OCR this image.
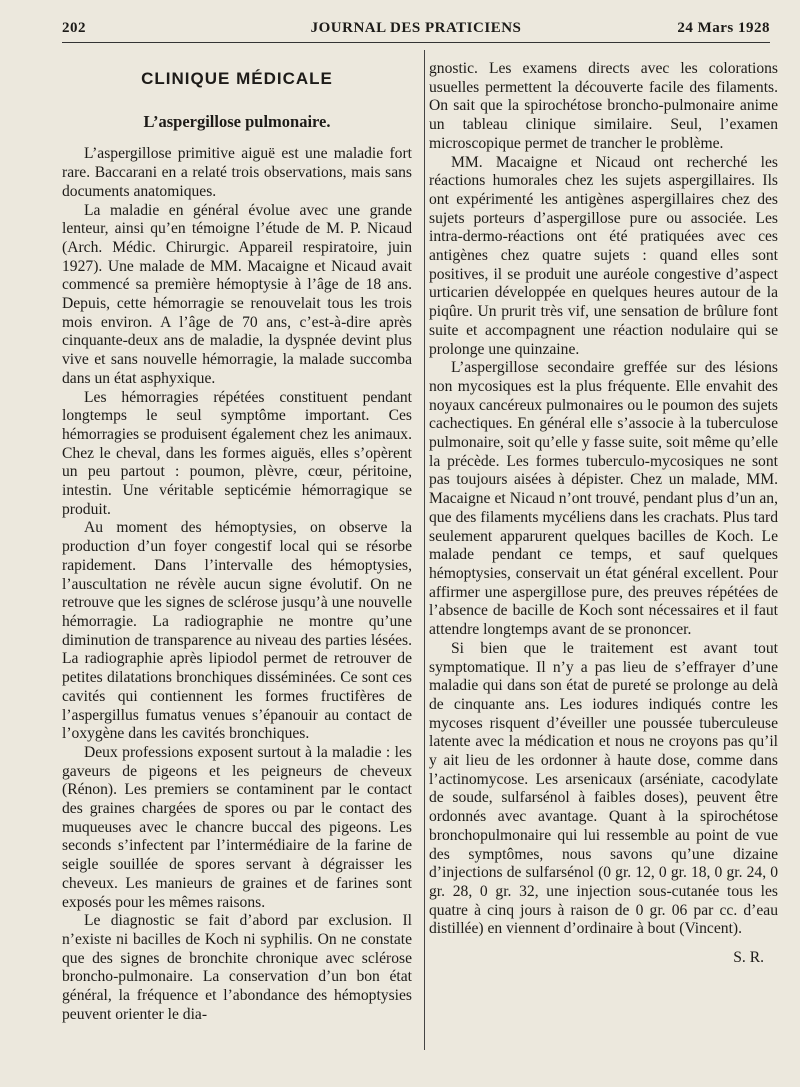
202	JOURNAL DES PRATICIENS	24 Mars 1928
CLINIQUE MÉDICALE
L’aspergillose pulmonaire.

L’aspergillose primitive aiguë est une maladie fort rare. Baccarani en a relaté trois observations, mais sans documents anatomiques.

La maladie en général évolue avec une grande lenteur, ainsi qu’en témoigne l’étude de M. P. Nicaud (Arch. Médic. Chirurgic. Appareil respiratoire, juin 1927). Une malade de MM. Macaigne et Nicaud avait commencé sa première hémoptysie à l’âge de 18 ans. Depuis, cette hémorragie se renouvelait tous les trois mois environ. A l’âge de 70 ans, c’est-à-dire après cinquante-deux ans de maladie, la dyspnée devint plus vive et sans nouvelle hémorragie, la malade succomba dans un état asphyxique.

Les hémorragies répétées constituent pendant longtemps le seul symptôme important. Ces hémorragies se produisent également chez les animaux. Chez le cheval, dans les formes aiguës, elles s’opèrent un peu partout : poumon, plèvre, cœur, péritoine, intestin. Une véritable septicémie hémorragique se produit.

Au moment des hémoptysies, on observe la production d’un foyer congestif local qui se résorbe rapidement. Dans l’intervalle des hémoptysies, l’auscultation ne révèle aucun signe évolutif. On ne retrouve que les signes de sclérose jusqu’à une nouvelle hémorragie. La radiographie ne montre qu’une diminution de transparence au niveau des parties lésées. La radiographie après lipiodol permet de retrouver de petites dilatations bronchiques disséminées. Ce sont ces cavités qui contiennent les formes fructifères de l’aspergillus fumatus venues s’épanouir au contact de l’oxygène dans les cavités bronchiques.

Deux professions exposent surtout à la maladie : les gaveurs de pigeons et les peigneurs de cheveux (Rénon). Les premiers se contaminent par le contact des graines chargées de spores ou par le contact des muqueuses avec le chancre buccal des pigeons. Les seconds s’infectent par l’intermédiaire de la farine de seigle souillée de spores servant à dégraisser les cheveux. Les manieurs de graines et de farines sont exposés pour les mêmes raisons.

Le diagnostic se fait d’abord par exclusion. Il n’existe ni bacilles de Koch ni syphilis. On ne constate que des signes de bronchite chronique avec sclérose broncho-pulmonaire. La conservation d’un bon état général, la fréquence et l’abondance des hémoptysies peuvent orienter le dia-

gnostic. Les examens directs avec les colorations usuelles permettent la découverte facile des filaments. On sait que la spirochétose broncho-pulmonaire anime un tableau clinique similaire. Seul, l’examen microscopique permet de trancher le problème.

MM. Macaigne et Nicaud ont recherché les réactions humorales chez les sujets aspergillaires. Ils ont expérimenté les antigènes aspergillaires chez des sujets porteurs d’aspergillose pure ou associée. Les intra-dermo-réactions ont été pratiquées avec ces antigènes chez quatre sujets : quand elles sont positives, il se produit une auréole congestive d’aspect urticarien développée en quelques heures autour de la piqûre. Un prurit très vif, une sensation de brûlure font suite et accompagnent une réaction nodulaire qui se prolonge une quinzaine.

L’aspergillose secondaire greffée sur des lésions non mycosiques est la plus fréquente. Elle envahit des noyaux cancéreux pulmonaires ou le poumon des sujets cachectiques. En général elle s’associe à la tuberculose pulmonaire, soit qu’elle y fasse suite, soit même qu’elle la précède. Les formes tuberculo-mycosiques ne sont pas toujours aisées à dépister. Chez un malade, MM. Macaigne et Nicaud n’ont trouvé, pendant plus d’un an, que des filaments mycéliens dans les crachats. Plus tard seulement apparurent quelques bacilles de Koch. Le malade pendant ce temps, et sauf quelques hémoptysies, conservait un état général excellent. Pour affirmer une aspergillose pure, des preuves répétées de l’absence de bacille de Koch sont nécessaires et il faut attendre longtemps avant de se prononcer.

Si bien que le traitement est avant tout symptomatique. Il n’y a pas lieu de s’effrayer d’une maladie qui dans son état de pureté se prolonge au delà de cinquante ans. Les iodures indiqués contre les mycoses risquent d’éveiller une poussée tuberculeuse latente avec la médication et nous ne croyons pas qu’il y ait lieu de les ordonner à haute dose, comme dans l’actinomycose. Les arsenicaux (arséniate, cacodylate de soude, sulfarsénol à faibles doses), peuvent être ordonnés avec avantage. Quant à la spirochétose bronchopulmonaire qui lui ressemble au point de vue des symptômes, nous savons qu’une dizaine d’injections de sulfarsénol (0 gr. 12, 0 gr. 18, 0 gr. 24, 0 gr. 28, 0 gr. 32, une injection sous-cutanée tous les quatre à cinq jours à raison de 0 gr. 06 par cc. d’eau distillée) en viennent d’ordinaire à bout (Vincent).

S. R.
